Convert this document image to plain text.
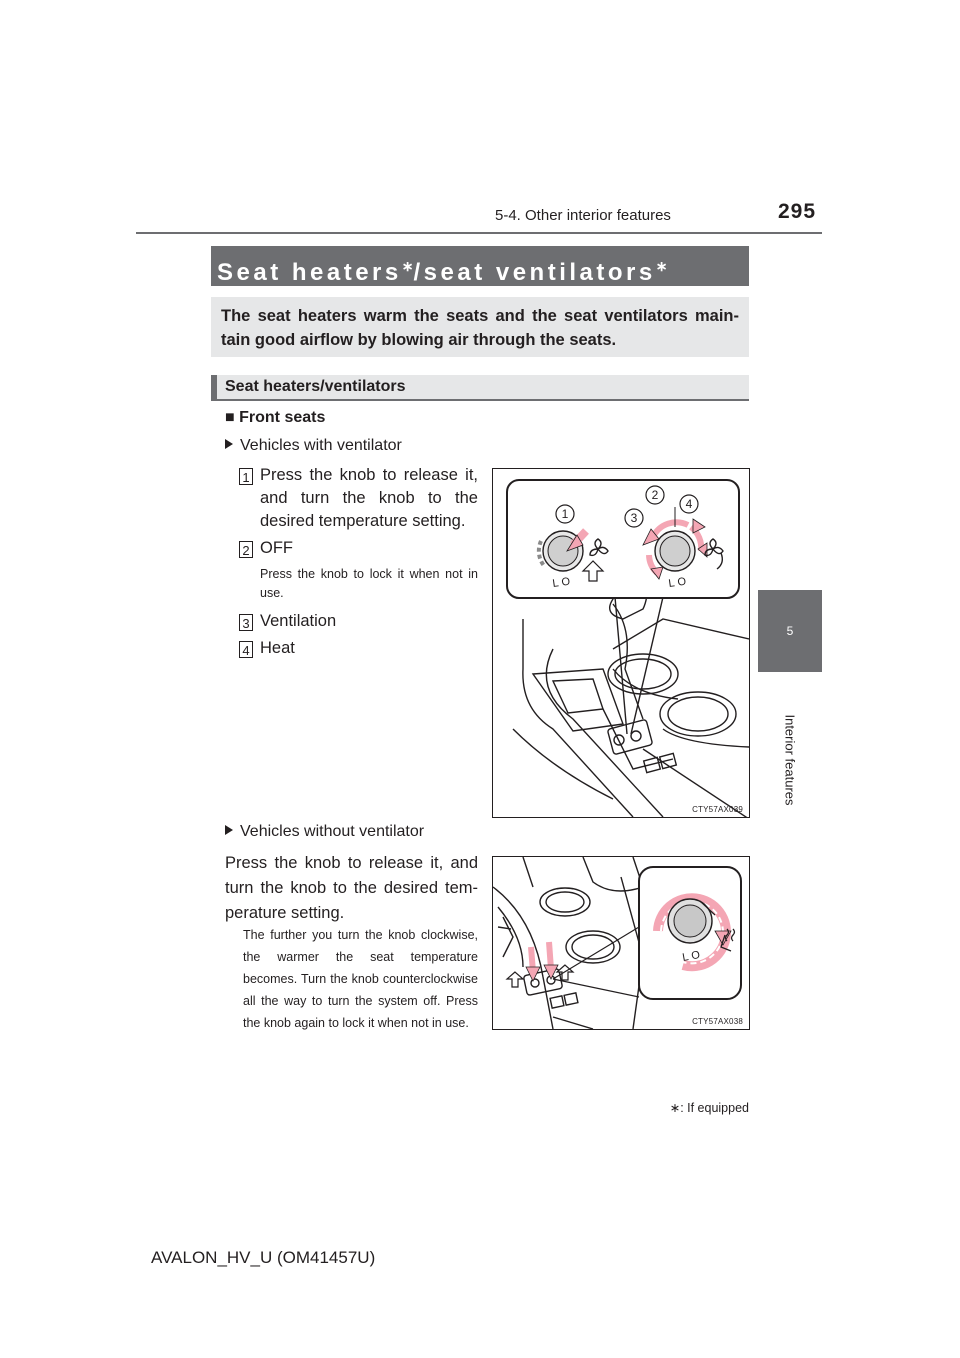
5-4. Other interior features	295
5
Interior features
Seat heaters∗/seat ventilators∗
The seat heaters warm the seats and the seat ventilators main-tain good airflow by blowing air through the seats.
Seat heaters/ventilators
■ Front seats
Vehicles with ventilator
1 Press the knob to release it, and turn the knob to the desired temperature setting.
2 OFF
Press the knob to lock it when not in use.
3 Ventilation
4 Heat
1
2
3
4
LO	LO
CTY57AX039
Vehicles without ventilator
Press the knob to release it, and turn the knob to the desired tem-perature setting.
The further you turn the knob clockwise, the warmer the seat temperature becomes. Turn the knob counterclockwise all the way to turn the system off. Press the knob again to lock it when not in use.
LO
CTY57AX038
∗: If equipped
AVALON_HV_U (OM41457U)
